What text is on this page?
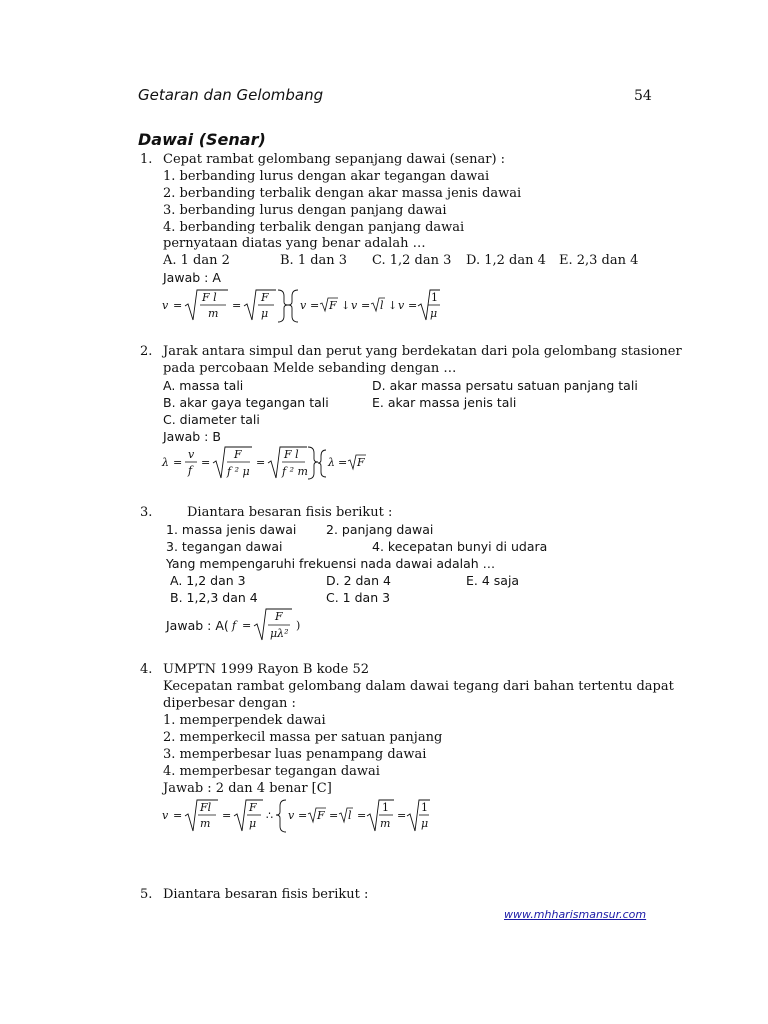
Getaran dan Gelombang	54
Dawai (Senar)
1. Cepat rambat gelombang sepanjang dawai (senar) :
1. berbanding lurus dengan akar tegangan dawai
2. berbanding terbalik dengan akar massa jenis dawai
3. berbanding lurus dengan panjang dawai
4. berbanding terbalik dengan panjang dawai
pernyataan diatas yang benar adalah …
A. 1 dan 2	B. 1 dan 3 C. 1,2 dan 3 D. 1,2 dan 4 E. 2,3 dan 4
Jawab : A
v =
F l
m
=
F
μ
v = F ↓ v = l ↓ v =
1
μ
2. Jarak antara simpul dan perut yang berdekatan dari pola gelombang stasioner
pada percobaan Melde sebanding dengan …
A. massa tali
B. akar gaya tegangan tali
C. diameter tali
D. akar massa persatu satuan panjang tali
E. akar massa jenis tali
Jawab : B
λ =
v
f
=
F
f ² μ
=
F l
f ² m
λ = F
3.	Diantara besaran fisis berikut :
1. massa jenis dawai 2. panjang dawai
3. tegangan dawai	4. kecepatan bunyi di udara
Yang mempengaruhi frekuensi nada dawai adalah …
A. 1,2 dan 3	D. 2 dan 4	E. 4 saja
B. 1,2,3 dan 4	C. 1 dan 3
Jawab : A( f =
F
μλ²
)
4. UMPTN 1999 Rayon B kode 52
Kecepatan rambat gelombang dalam dawai tegang dari bahan tertentu dapat
diperbesar dengan :
1. memperpendek dawai
2. memperkecil massa per satuan panjang
3. memperbesar luas penampang dawai
4. memperbesar tegangan dawai
Jawab : 2 dan 4 benar [C]
v =
Fl
m
=
F
μ
∴ v = F = l =
1
m
=
1
μ
5. Diantara besaran fisis berikut :
www.mhharismansur.com
